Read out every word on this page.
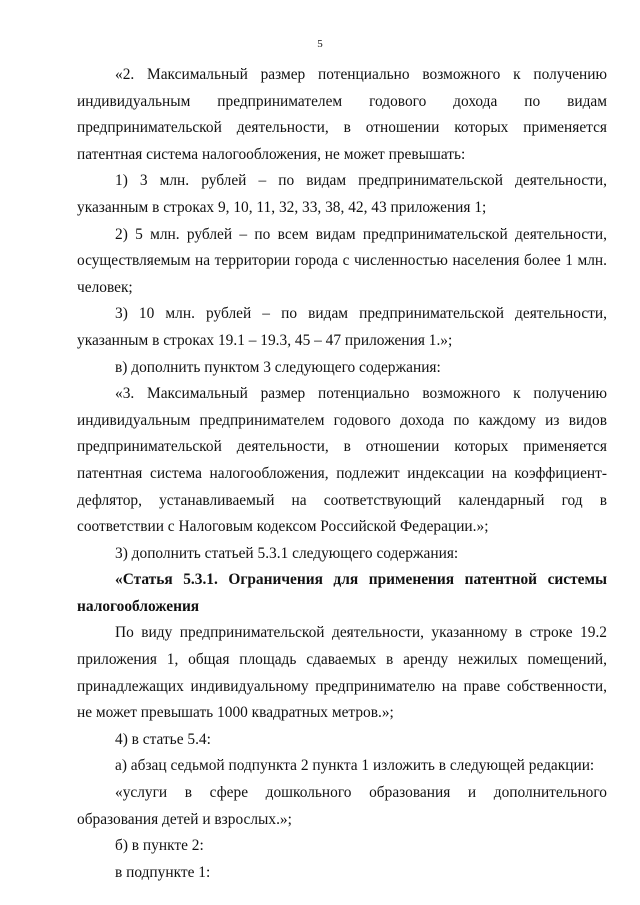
5

«2. Максимальный размер потенциально возможного к получению индивидуальным предпринимателем годового дохода по видам предпринимательской деятельности, в отношении которых применяется патентная система налогообложения, не может превышать:

1) 3 млн. рублей – по видам предпринимательской деятельности, указанным в строках 9, 10, 11, 32, 33, 38, 42, 43 приложения 1;

2) 5 млн. рублей – по всем видам предпринимательской деятельности, осуществляемым на территории города с численностью населения более 1 млн. человек;

3) 10 млн. рублей – по видам предпринимательской деятельности, указанным в строках 19.1 – 19.3, 45 – 47 приложения 1.»;

в) дополнить пунктом 3 следующего содержания:

«3. Максимальный размер потенциально возможного к получению индивидуальным предпринимателем годового дохода по каждому из видов предпринимательской деятельности, в отношении которых применяется патентная система налогообложения, подлежит индексации на коэффициент-дефлятор, устанавливаемый на соответствующий календарный год в соответствии с Налоговым кодексом Российской Федерации.»;

3) дополнить статьей 5.3.1 следующего содержания:

«Статья 5.3.1. Ограничения для применения патентной системы налогообложения

По виду предпринимательской деятельности, указанному в строке 19.2 приложения 1, общая площадь сдаваемых в аренду нежилых помещений, принадлежащих индивидуальному предпринимателю на праве собственности, не может превышать 1000 квадратных метров.»;

4) в статье 5.4:

а) абзац седьмой подпункта 2 пункта 1 изложить в следующей редакции:

«услуги в сфере дошкольного образования и дополнительного образования детей и взрослых.»;

б) в пункте 2:

в подпункте 1:
